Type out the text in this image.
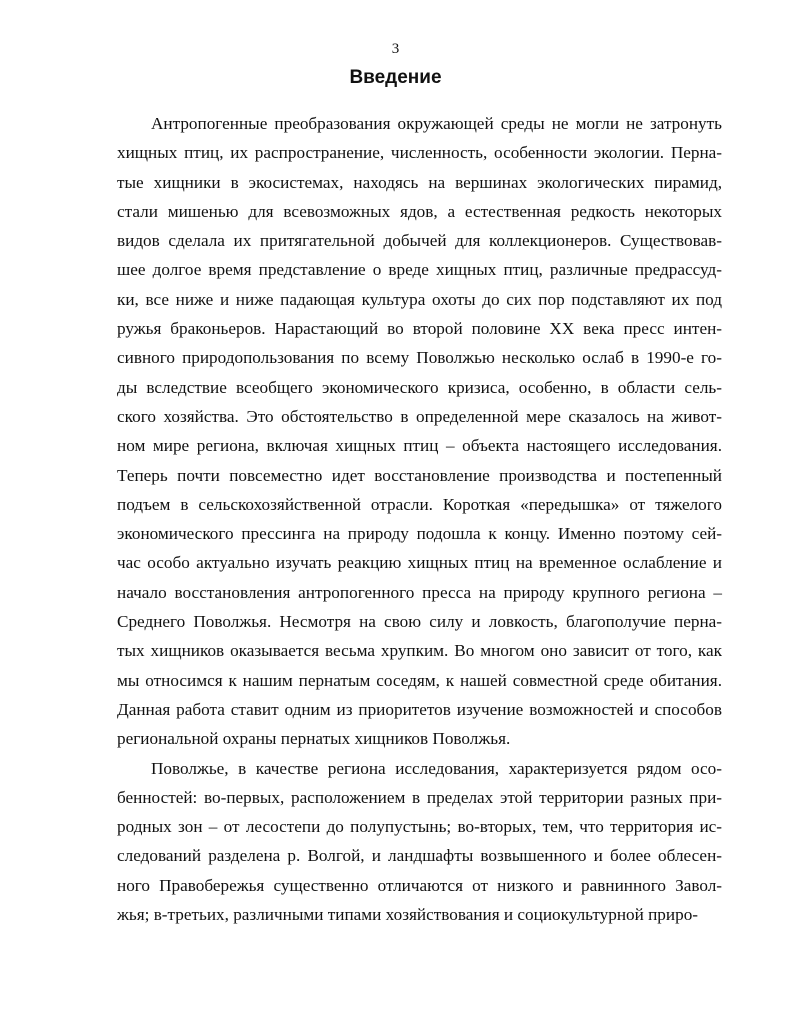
3
Введение
Антропогенные преобразования окружающей среды не могли не затронуть
хищных птиц, их распространение, численность, особенности экологии. Перна-
тые хищники в экосистемах, находясь на вершинах экологических пирамид,
стали мишенью для всевозможных ядов, а естественная редкость некоторых
видов сделала их притягательной добычей для коллекционеров. Существовав-
шее долгое время представление о вреде хищных птиц, различные предрассуд-
ки, все ниже и ниже падающая культура охоты до сих пор подставляют их под
ружья браконьеров. Нарастающий во второй половине XX века пресс интен-
сивного природопользования по всему Поволжью несколько ослаб в 1990-е го-
ды вследствие всеобщего экономического кризиса, особенно, в области сель-
ского хозяйства. Это обстоятельство в определенной мере сказалось на живот-
ном мире региона, включая хищных птиц – объекта настоящего исследования.
Теперь почти повсеместно идет восстановление производства и постепенный
подъем в сельскохозяйственной отрасли. Короткая «передышка» от тяжелого
экономического прессинга на природу подошла к концу. Именно поэтому сей-
час особо актуально изучать реакцию хищных птиц на временное ослабление и
начало восстановления антропогенного пресса на природу крупного региона –
Среднего Поволжья. Несмотря на свою силу и ловкость, благополучие перна-
тых хищников оказывается весьма хрупким. Во многом оно зависит от того, как
мы относимся к нашим пернатым соседям, к нашей совместной среде обитания.
Данная работа ставит одним из приоритетов изучение возможностей и способов
региональной охраны пернатых хищников Поволжья.
Поволжье, в качестве региона исследования, характеризуется рядом осо-
бенностей: во-первых, расположением в пределах этой территории разных при-
родных зон – от лесостепи до полупустынь; во-вторых, тем, что территория ис-
следований разделена р. Волгой, и ландшафты возвышенного и более облесен-
ного Правобережья существенно отличаются от низкого и равнинного Завол-
жья; в-третьих, различными типами хозяйствования и социокультурной приро-
